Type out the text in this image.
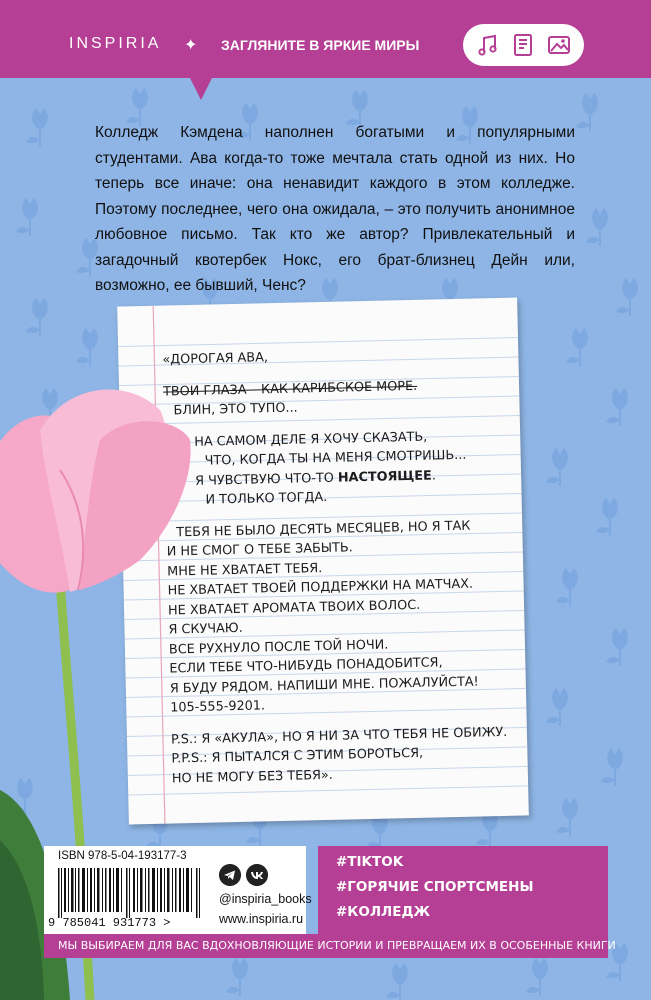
INSPIRIA ✦ ЗАГЛЯНИТЕ В ЯРКИЕ МИРЫ
Колледж Кэмдена наполнен богатыми и популярными студентами. Ава когда-то тоже мечтала стать одной из них. Но теперь все иначе: она ненавидит каждого в этом колледже. Поэтому последнее, чего она ожидала, – это получить анонимное любовное письмо. Так кто же автор? Привлекательный и загадочный квотербек Нокс, его брат-близнец Дейн или, возможно, ее бывший, Ченс?
«ДОРОГАЯ АВА,
ТВОИ ГЛАЗА – КАК КАРИБСКОЕ МОРЕ.
БЛИН, ЭТО ТУПО...
НА САМОМ ДЕЛЕ Я ХОЧУ СКАЗАТЬ,
ЧТО, КОГДА ТЫ НА МЕНЯ СМОТРИШЬ...
Я ЧУВСТВУЮ ЧТО-ТО НАСТОЯЩЕЕ.
И ТОЛЬКО ТОГДА.
ТЕБЯ НЕ БЫЛО ДЕСЯТЬ МЕСЯЦЕВ, НО Я ТАК
И НЕ СМОГ О ТЕБЕ ЗАБЫТЬ.
МНЕ НЕ ХВАТАЕТ ТЕБЯ.
НЕ ХВАТАЕТ ТВОЕЙ ПОДДЕРЖКИ НА МАТЧАХ.
НЕ ХВАТАЕТ АРОМАТА ТВОИХ ВОЛОС.
Я СКУЧАЮ.
ВСЕ РУХНУЛО ПОСЛЕ ТОЙ НОЧИ.
ЕСЛИ ТЕБЕ ЧТО-НИБУДЬ ПОНАДОБИТСЯ,
Я БУДУ РЯДОМ. НАПИШИ МНЕ. ПОЖАЛУЙСТА!
105-555-9201.
P.S.: Я «АКУЛА», НО Я НИ ЗА ЧТО ТЕБЯ НЕ ОБИЖУ.
P.P.S.: Я ПЫТАЛСЯ С ЭТИМ БОРОТЬСЯ,
НО НЕ МОГУ БЕЗ ТЕБЯ».
ISBN 978-5-04-193177-3
9 785041 931773 >
@inspiria_books
www.inspiria.ru
#TIKTOK
#ГОРЯЧИЕ СПОРТСМЕНЫ
#КОЛЛЕДЖ
МЫ ВЫБИРАЕМ ДЛЯ ВАС ВДОХНОВЛЯЮЩИЕ ИСТОРИИ И ПРЕВРАЩАЕМ ИХ В ОСОБЕННЫЕ КНИГИ
